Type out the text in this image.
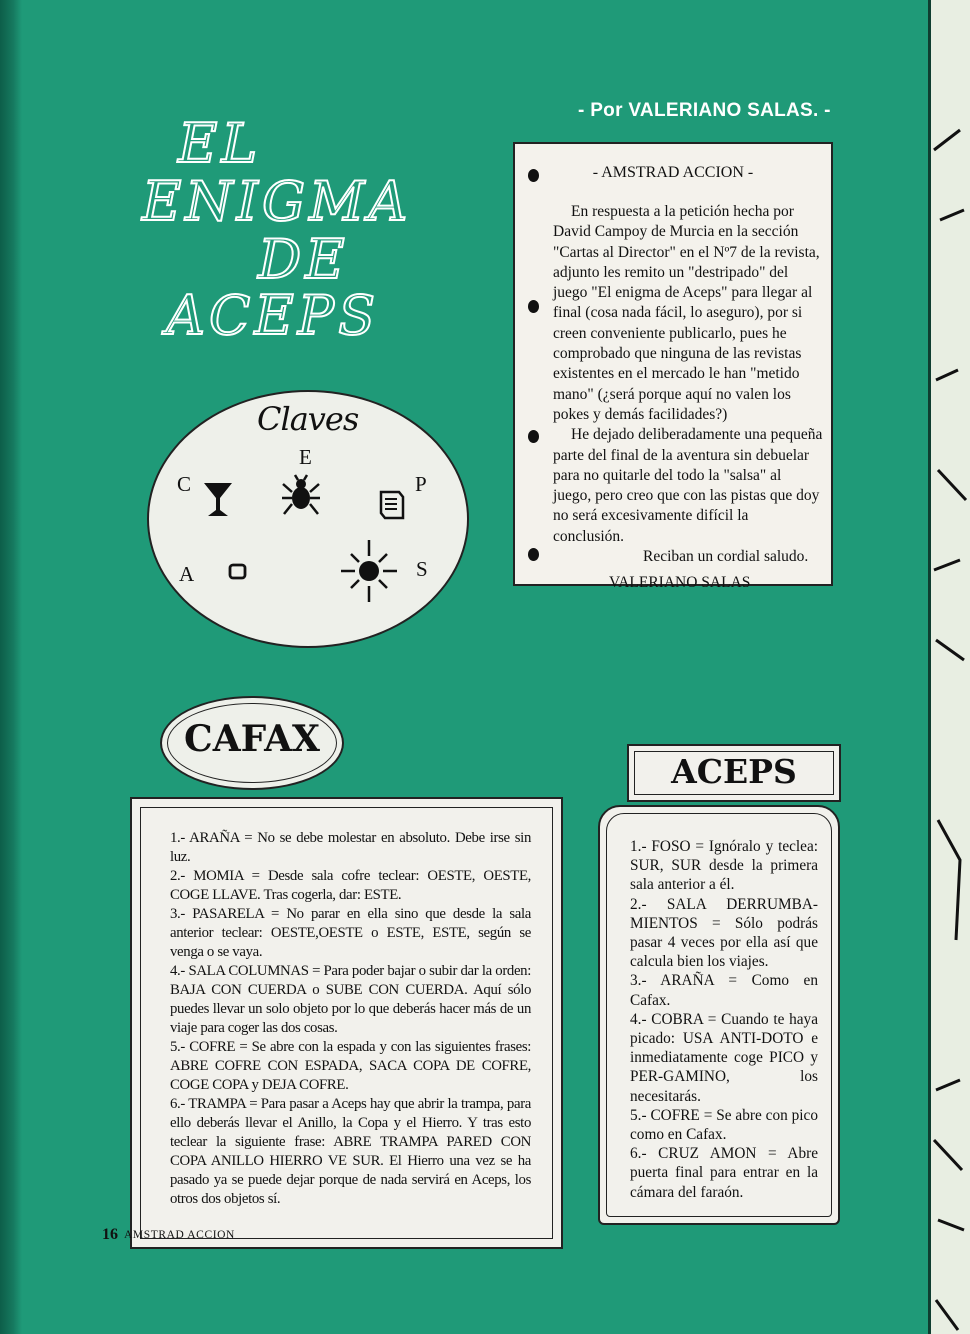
- Por VALERIANO SALAS. -
EL
ENIGMA
DE
ACEPS
- AMSTRAD ACCION -

En respuesta a la petición hecha por David Campoy de Murcia en la sección "Cartas al Director" en el Nº7 de la revista, adjunto les remito un "destripado" del juego "El enigma de Aceps" para llegar al final (cosa nada fácil, lo aseguro), por si creen conveniente publicarlo, pues he comprobado que ninguna de las revistas existentes en el mercado le han "metido mano" (¿será porque aquí no valen los pokes y demás facilidades?)

He dejado deliberadamente una pequeña parte del final de la aventura sin debuelar para no quitarle del todo la "salsa" al juego, pero creo que con las pistas que doy no será excesivamente difícil la conclusión.

Reciban un cordial saludo.

VALERIANO SALAS

Claves
E
C	P
A	S
CAFAX

1.- ARAÑA = No se debe molestar en absoluto. Debe irse sin luz.

2.- MOMIA = Desde sala cofre teclear: OESTE, OESTE, COGE LLAVE. Tras cogerla, dar: ESTE.

3.- PASARELA = No parar en ella sino que desde la sala anterior teclear: OESTE,OESTE o ESTE, ESTE, según se venga o se vaya.

4.- SALA COLUMNAS = Para poder bajar o subir dar la orden: BAJA CON CUERDA o SUBE CON CUERDA. Aquí sólo puedes llevar un solo objeto por lo que deberás hacer más de un viaje para coger las dos cosas.

5.- COFRE = Se abre con la espada y con las siguientes frases: ABRE COFRE CON ESPADA, SACA COPA DE COFRE, COGE COPA y DEJA COFRE.

6.- TRAMPA = Para pasar a Aceps hay que abrir la trampa, para ello deberás llevar el Anillo, la Copa y el Hierro. Y tras esto teclear la siguiente frase: ABRE TRAMPA PARED CON COPA ANILLO HIERRO VE SUR. El Hierro una vez se ha pasado ya se puede dejar porque de nada servirá en Aceps, los otros dos objetos sí.

ACEPS

1.- FOSO = Ignóralo y teclea: SUR, SUR desde la primera sala anterior a él.

2.- SALA DERRUMBA-MIENTOS = Sólo podrás pasar 4 veces por ella así que calcula bien los viajes.

3.- ARAÑA = Como en Cafax.

4.- COBRA = Cuando te haya picado: USA ANTI-DOTO e inmediatamente coge PICO y PER-GAMINO, los necesitarás.

5.- COFRE = Se abre con pico como en Cafax.

6.- CRUZ AMON = Abre puerta final para entrar en la cámara del faraón.

16 AMSTRAD ACCION
